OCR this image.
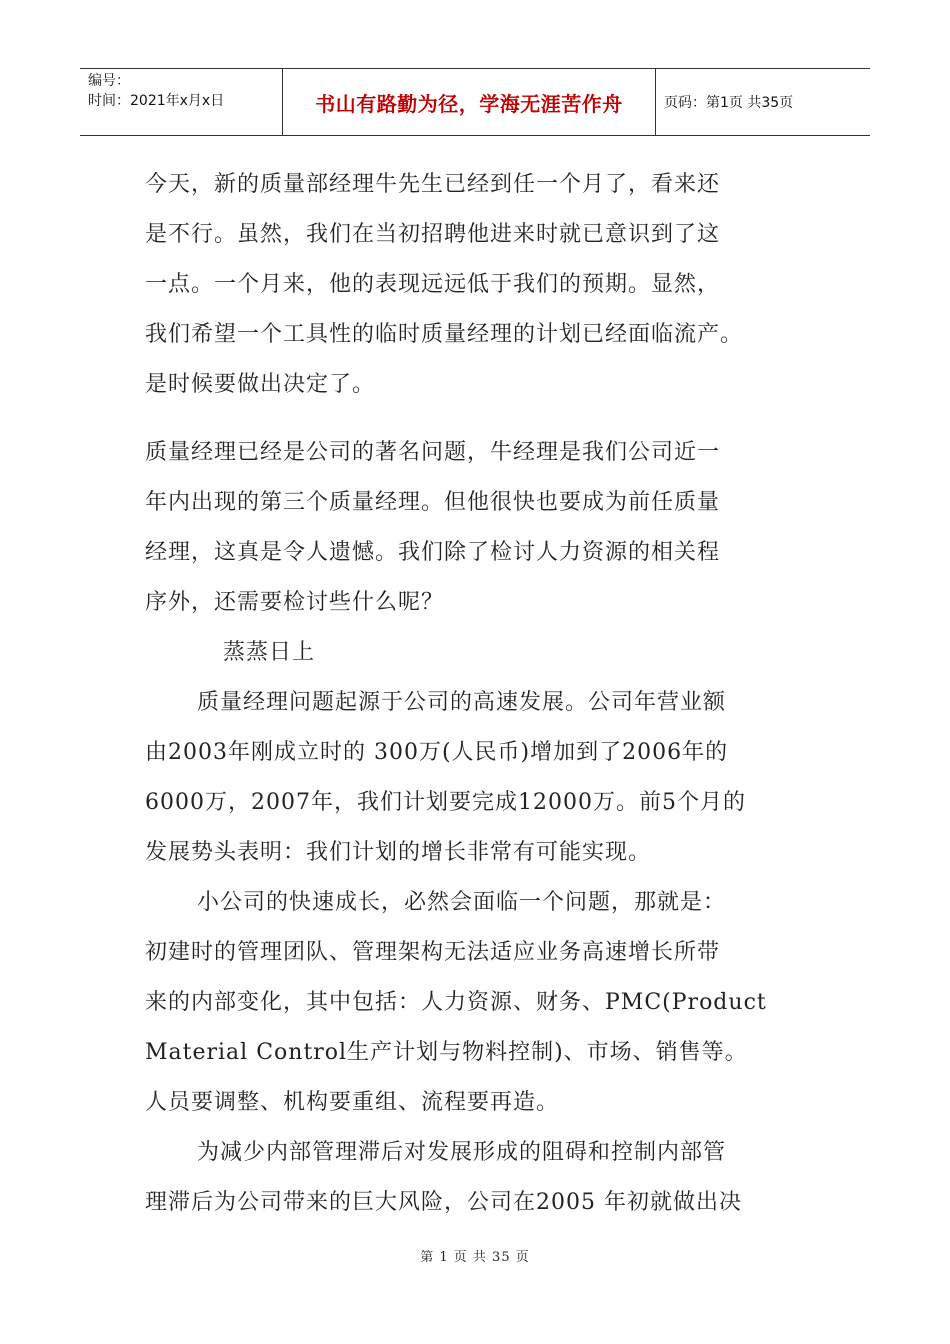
编号：
时间：2021年x月x日	书山有路勤为径，学海无涯苦作舟	页码：第1页 共35页

今天，新的质量部经理牛先生已经到任一个月了，看来还

是不行。虽然，我们在当初招聘他进来时就已意识到了这

一点。一个月来，他的表现远远低于我们的预期。显然，

我们希望一个工具性的临时质量经理的计划已经面临流产。

是时候要做出决定了。

质量经理已经是公司的著名问题，牛经理是我们公司近一

年内出现的第三个质量经理。但他很快也要成为前任质量

经理，这真是令人遗憾。我们除了检讨人力资源的相关程

序外，还需要检讨些什么呢？

蒸蒸日上

质量经理问题起源于公司的高速发展。公司年营业额

由2003年刚成立时的 300万(人民币)增加到了2006年的

6000万，2007年，我们计划要完成12000万。前5个月的

发展势头表明：我们计划的增长非常有可能实现。

小公司的快速成长，必然会面临一个问题，那就是：

初建时的管理团队、管理架构无法适应业务高速增长所带

来的内部变化，其中包括：人力资源、财务、PMC(Product

Material Control生产计划与物料控制)、市场、销售等。

人员要调整、机构要重组、流程要再造。

为减少内部管理滞后对发展形成的阻碍和控制内部管

理滞后为公司带来的巨大风险，公司在2005 年初就做出决

第 1 页 共 35 页
